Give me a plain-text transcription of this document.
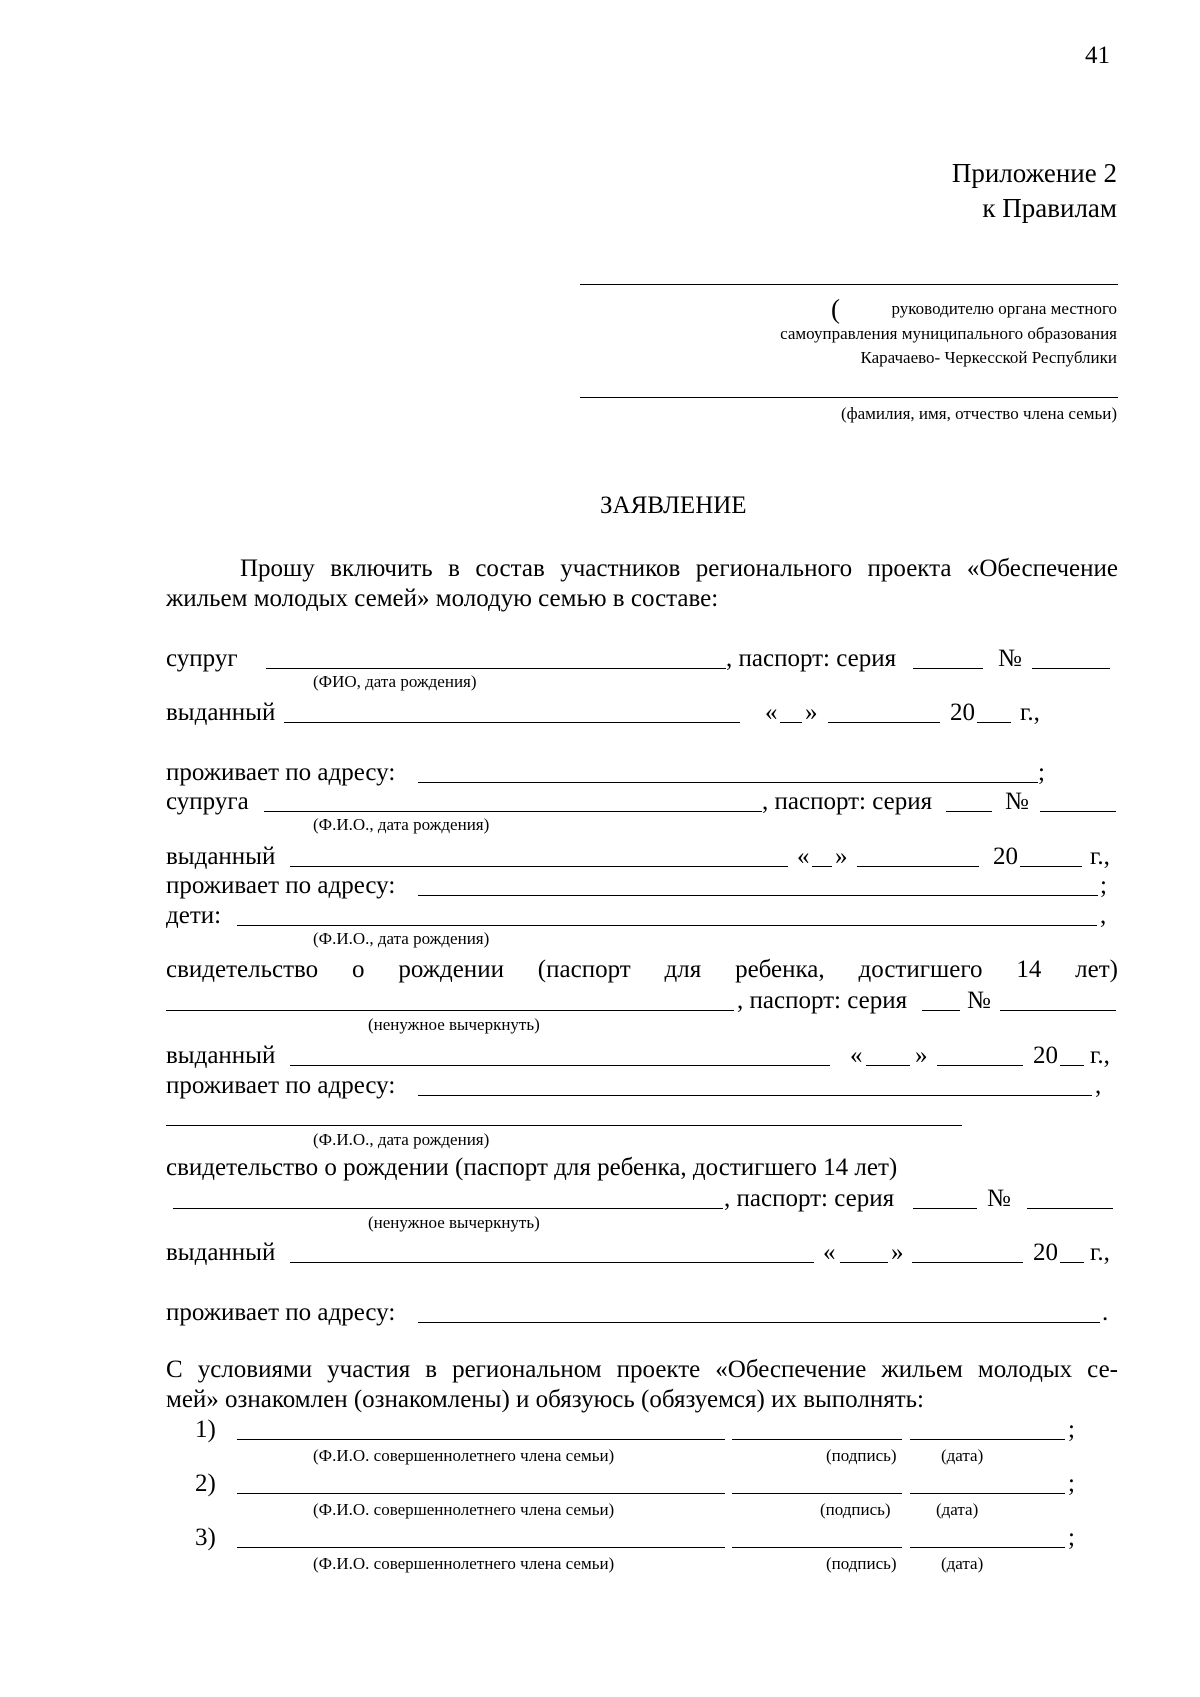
41
Приложение 2
к Правилам
(	руководителю органа местного
самоуправления муниципального образования
Карачаево- Черкесской Республики
(фамилия, имя, отчество члена семьи)
ЗАЯВЛЕНИЕ
Прошу включить в состав участников регионального проекта «Обеспечение
жильем молодых семей» молодую семью в составе:
супруг	, паспорт: серия	№
(ФИО, дата рождения)
выданный	« »	20 г.,
проживает по адресу:	;
супруга	, паспорт: серия	№
(Ф.И.О., дата рождения)
выданный	« »	20	г.,
проживает по адресу:	;
дети:	,
(Ф.И.О., дата рождения)
свидетельство о рождении (паспорт для ребенка, достигшего 14 лет)
, паспорт: серия №
(ненужное вычеркнуть)
выданный	« »	20 г.,
проживает по адресу:	,
(Ф.И.О., дата рождения)
свидетельство о рождении (паспорт для ребенка, достигшего 14 лет)
, паспорт: серия	№
(ненужное вычеркнуть)
выданный	« »	20 г.,
проживает по адресу:	.
С условиями участия в региональном проекте «Обеспечение жильем молодых се-
мей» ознакомлен (ознакомлены) и обязуюсь (обязуемся) их выполнять:
1)	;
(Ф.И.О. совершеннолетнего члена семьи)	(подпись)	(дата)
2)	;
(Ф.И.О. совершеннолетнего члена семьи)	(подпись)	(дата)
3)	;
(Ф.И.О. совершеннолетнего члена семьи)	(подпись)	(дата)
